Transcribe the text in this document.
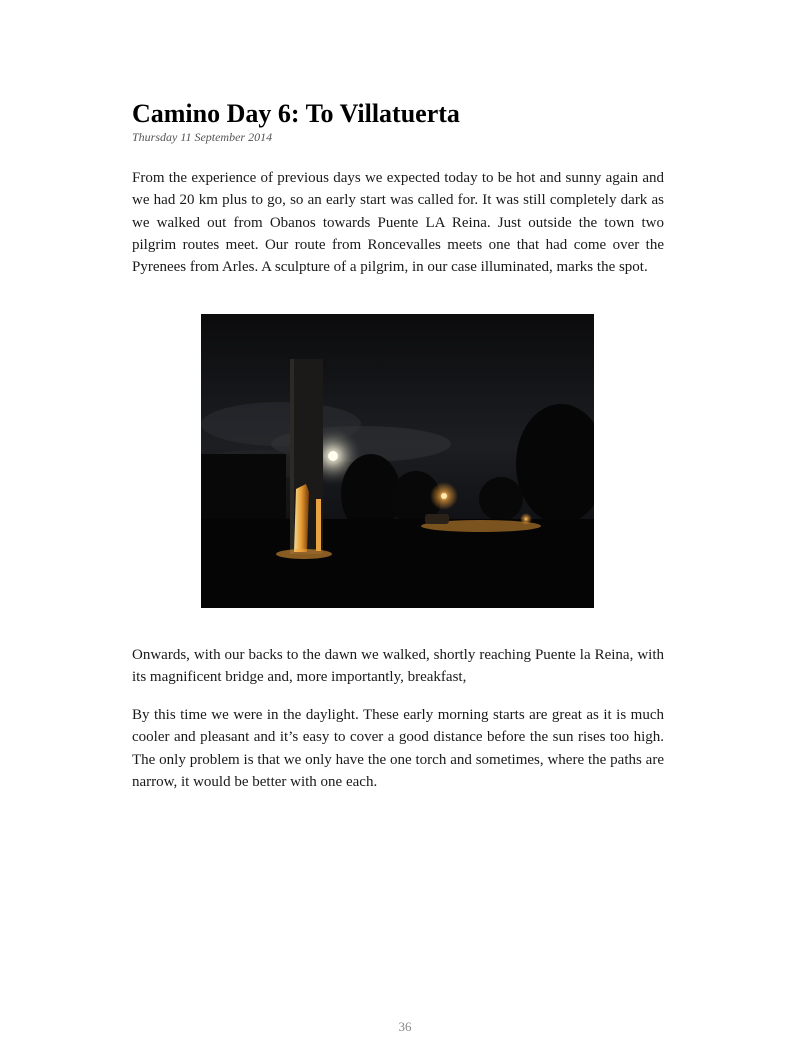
Camino Day 6: To Villatuerta

Thursday 11 September 2014

From the experience of previous days we expected today to be hot and sunny again and we had 20 km plus to go, so an early start was called for. It was still completely dark as we walked out from Obanos towards Puente LA Reina. Just outside the town two pilgrim routes meet. Our route from Roncevalles meets one that had come over the Pyrenees from Arles. A sculpture of a pilgrim, in our case illuminated, marks the spot.

Onwards, with our backs to the dawn we walked, shortly reaching Puente la Reina, with its magnificent bridge and, more importantly, breakfast,

By this time we were in the daylight. These early morning starts are great as it is much cooler and pleasant and it’s easy to cover a good distance before the sun rises too high. The only problem is that we only have the one torch and sometimes, where the paths are narrow, it would be better with one each.

36
